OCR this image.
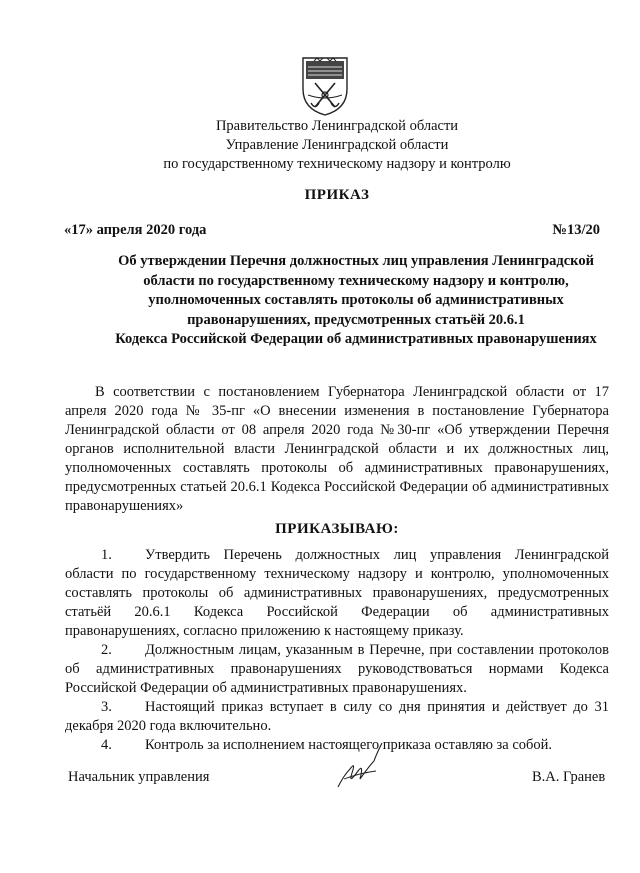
Правительство Ленинградской области
Управление Ленинградской области
по государственному техническому надзору и контролю
ПРИКАЗ
«17» апреля 2020 года	№13/20
Об утверждении Перечня должностных лиц управления Ленинградской
области по государственному техническому надзору и контролю,
уполномоченных составлять протоколы об административных
правонарушениях, предусмотренных статьёй 20.6.1
Кодекса Российской Федерации об административных правонарушениях
В соответствии с постановлением Губернатора Ленинградской области от 17 апреля 2020 года № 35-пг «О внесении изменения в постановление Губернатора Ленинградской области от 08 апреля 2020 года №30-пг «Об утверждении Перечня органов исполнительной власти Ленинградской области и их должностных лиц, уполномоченных составлять протоколы об административных правонарушениях, предусмотренных статьей 20.6.1 Кодекса Российской Федерации об административных правонарушениях»
ПРИКАЗЫВАЮ:
1. Утвердить Перечень должностных лиц управления Ленинградской области по государственному техническому надзору и контролю, уполномоченных составлять протоколы об административных правонарушениях, предусмотренных статьёй 20.6.1 Кодекса Российской Федерации об административных правонарушениях, согласно приложению к настоящему приказу.
2. Должностным лицам, указанным в Перечне, при составлении протоколов об административных правонарушениях руководствоваться нормами Кодекса Российской Федерации об административных правонарушениях.
3. Настоящий приказ вступает в силу со дня принятия и действует до 31 декабря 2020 года включительно.
4. Контроль за исполнением настоящего приказа оставляю за собой.
Начальник управления	В.А. Гранев
